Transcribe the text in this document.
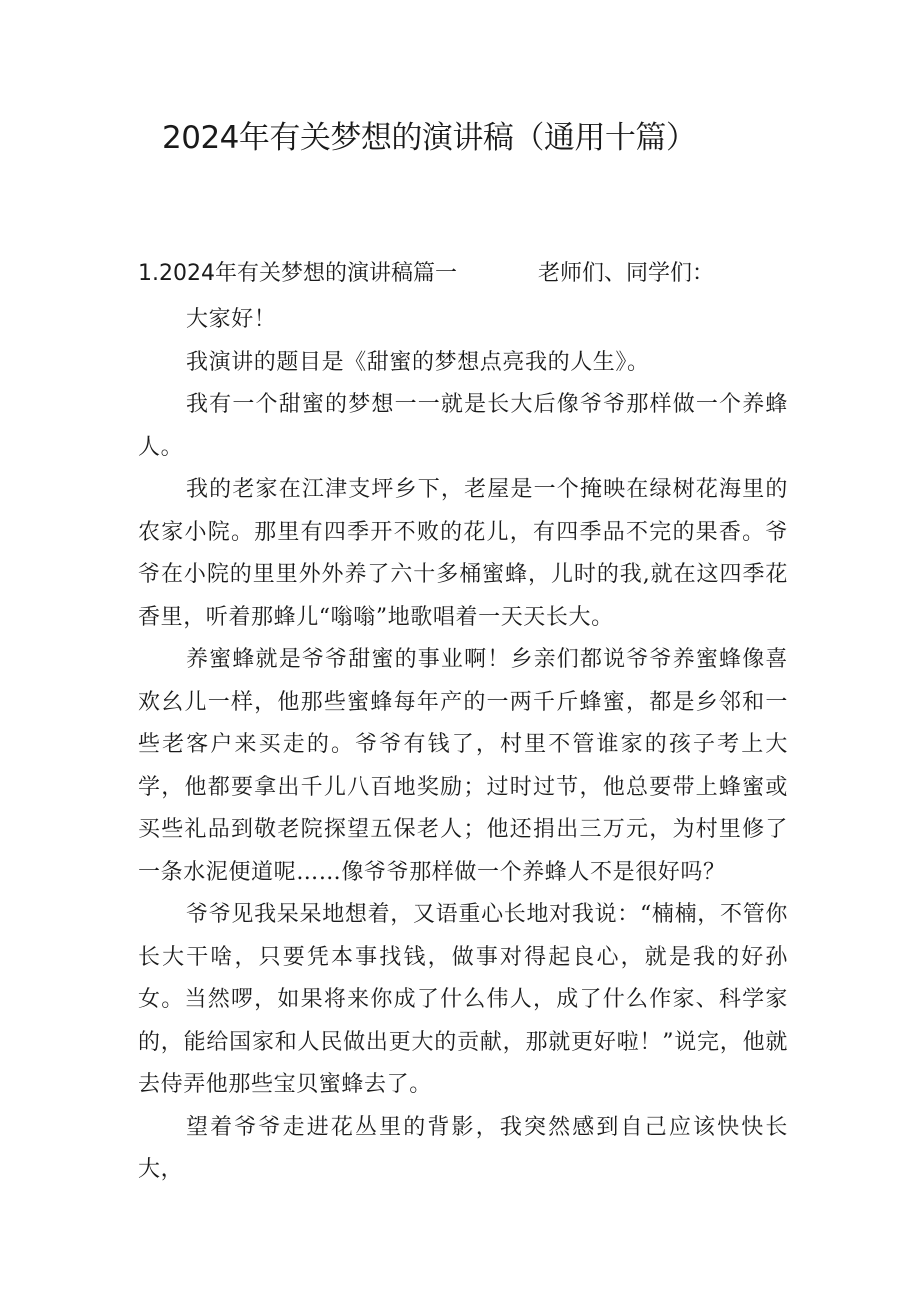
2024年有关梦想的演讲稿（通用十篇）
1.2024年有关梦想的演讲稿篇一	老师们、同学们：

大家好！

我演讲的题目是《甜蜜的梦想点亮我的人生》。

我有一个甜蜜的梦想一一就是长大后像爷爷那样做一个养蜂人。

我的老家在江津支坪乡下，老屋是一个掩映在绿树花海里的农家小院。那里有四季开不败的花儿，有四季品不完的果香。爷爷在小院的里里外外养了六十多桶蜜蜂，儿时的我,就在这四季花香里，听着那蜂儿“嗡嗡”地歌唱着一天天长大。

养蜜蜂就是爷爷甜蜜的事业啊！乡亲们都说爷爷养蜜蜂像喜欢幺儿一样，他那些蜜蜂每年产的一两千斤蜂蜜，都是乡邻和一些老客户来买走的。爷爷有钱了，村里不管谁家的孩子考上大学，他都要拿出千儿八百地奖励；过时过节，他总要带上蜂蜜或买些礼品到敬老院探望五保老人；他还捐出三万元，为村里修了一条水泥便道呢……像爷爷那样做一个养蜂人不是很好吗？

爷爷见我呆呆地想着，又语重心长地对我说：“楠楠，不管你长大干啥，只要凭本事找钱，做事对得起良心，就是我的好孙女。当然啰，如果将来你成了什么伟人，成了什么作家、科学家的，能给国家和人民做出更大的贡献，那就更好啦！”说完，他就去侍弄他那些宝贝蜜蜂去了。

望着爷爷走进花丛里的背影，我突然感到自己应该快快长大，
